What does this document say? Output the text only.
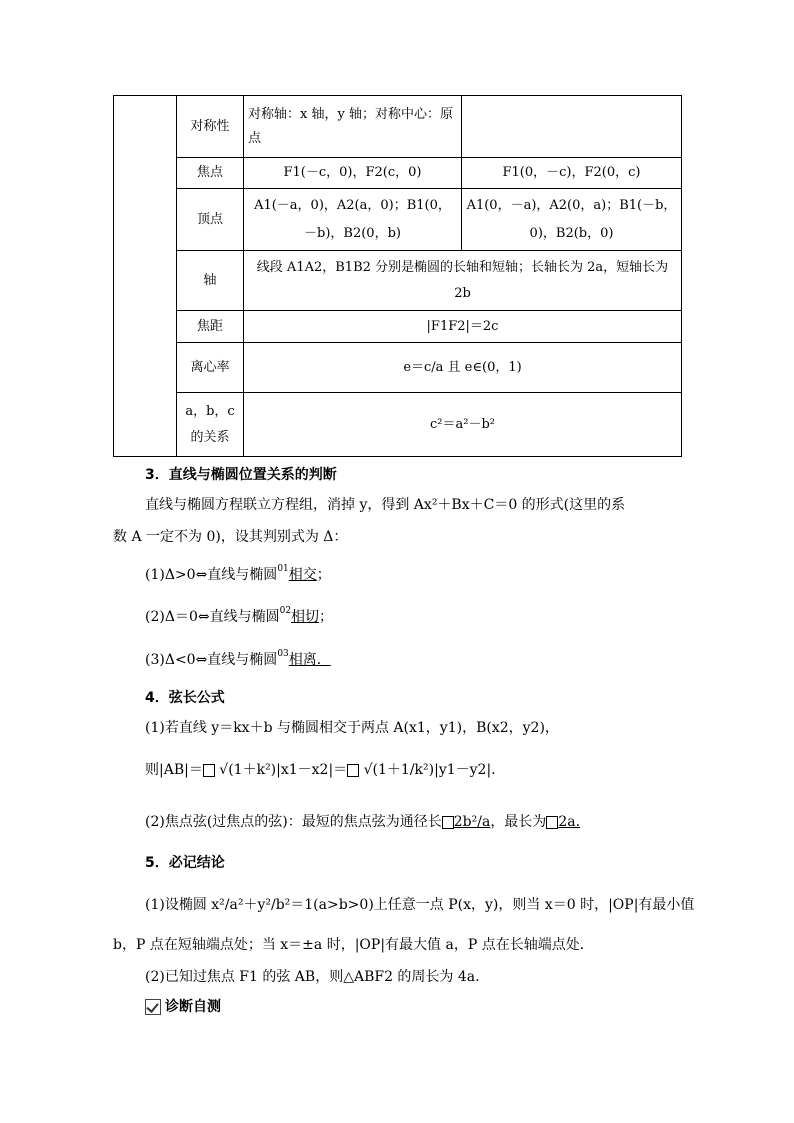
	对称性	对称轴：x 轴，y 轴；对称中心：原点	
	焦点	F1(－c，0)，F2(c，0)	F1(0，－c)，F2(0，c)
	顶点	A1(－a，0)，A2(a，0)；B1(0，－b)，B2(0，b)	A1(0，－a)，A2(0，a)；B1(－b，0)，B2(b，0)
	轴	线段 A1A2，B1B2 分别是椭圆的长轴和短轴；长轴长为 2a，短轴长为 2b	
	焦距	|F1F2|＝2c	
	离心率	e＝c/a 且 e∈(0，1)	
	a，b，c 的关系	c²＝a²－b²	
3．直线与椭圆位置关系的判断
直线与椭圆方程联立方程组，消掉 y，得到 Ax²＋Bx＋C＝0 的形式(这里的系
数 A 一定不为 0)，设其判别式为 Δ：
(1)Δ>0⇔直线与椭圆01相交；
(2)Δ＝0⇔直线与椭圆02相切；
(3)Δ<0⇔直线与椭圆03相离．
4．弦长公式
(1)若直线 y＝kx＋b 与椭圆相交于两点 A(x1，y1)，B(x2，y2)，
则|AB|＝ √(1＋k²)|x1－x2|＝ √(1＋1/k²)|y1－y2|.
(2)焦点弦(过焦点的弦)：最短的焦点弦为通径长 2b²/a，最长为 2a.
5．必记结论
(1)设椭圆 x²/a²＋y²/b²＝1(a>b>0)上任意一点 P(x，y)，则当 x＝0 时，|OP|有最小值
b，P 点在短轴端点处；当 x＝±a 时，|OP|有最大值 a，P 点在长轴端点处．
(2)已知过焦点 F1 的弦 AB，则△ABF2 的周长为 4a.
诊断自测
